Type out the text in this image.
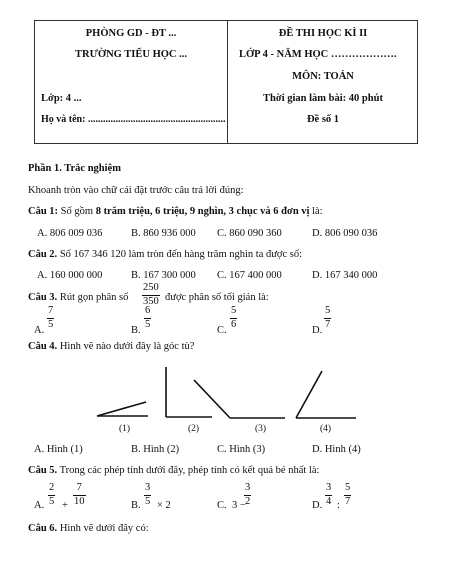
PHÒNG GD - ĐT ...
TRƯỜNG TIỂU HỌC ...
Lớp: 4 ...
Họ và tên: .......................................................
ĐỀ THI HỌC KÌ II
LỚP 4 - NĂM HỌC ……………….
MÔN: TOÁN
Thời gian làm bài: 40 phút
Đề số 1
Phần 1. Trắc nghiệm
Khoanh tròn vào chữ cái đặt trước câu trả lời đúng:
Câu 1: Số gồm 8 trăm triệu, 6 triệu, 9 nghìn, 3 chục và 6 đơn vị là:
A. 806 009 036	B. 860 936 000 C. 860 090 360	D. 806 090 036
Câu 2. Số 167 346 120 làm tròn đến hàng trăm nghìn ta được số:
A. 160 000 000	B. 167 300 000 C. 167 400 000	D. 167 340 000
Câu 3. Rút gọn phân số $\frac{250}{350}$ được phân số tối giản là:
A.
$\frac{7}{5}$
B.
$\frac{6}{5}$
C.
$\frac{5}{6}$
D.
$\frac{5}{7}$
Câu 4. Hình vẽ nào dưới đây là góc tù?
(1)	(2)	(3)	(4)
A. Hình (1)	B. Hình (2)	C. Hình (3)	D. Hình (4)
Câu 5. Trong các phép tính dưới đây, phép tính có kết quả bé nhất là:
A. $\frac{2}{5} + \frac{7}{10}$	B. $\frac{3}{5} \times 2$	C. 3 −
$\frac{3}{2}$	D. $\frac{3}{4}$ : $\frac{5}{7}$
Câu 6. Hình vẽ dưới đây có:
